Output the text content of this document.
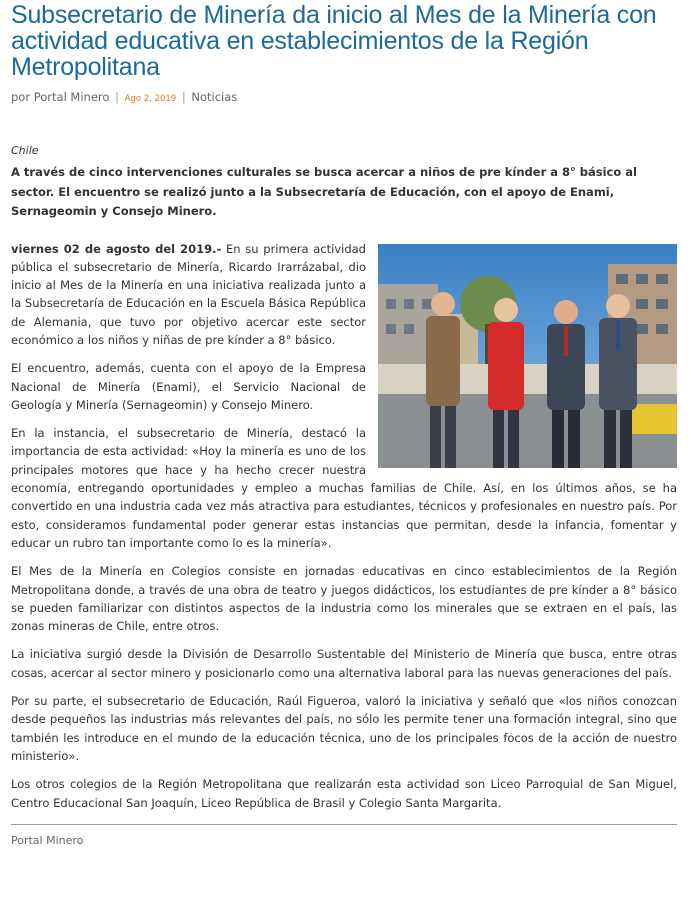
Subsecretario de Minería da inicio al Mes de la Minería con actividad educativa en establecimientos de la Región Metropolitana
por Portal Minero | Ago 2, 2019 | Noticias
Chile

A través de cinco intervenciones culturales se busca acercar a niños de pre kínder a 8° básico al sector. El encuentro se realizó junto a la Subsecretaría de Educación, con el apoyo de Enami, Sernageomin y Consejo Minero.

viernes 02 de agosto del 2019.- En su primera actividad pública el subsecretario de Minería, Ricardo Irarrázabal, dio inicio al Mes de la Minería en una iniciativa realizada junto a la Subsecretaría de Educación en la Escuela Básica República de Alemania, que tuvo por objetivo acercar este sector económico a los niños y niñas de pre kínder a 8° básico.

El encuentro, además, cuenta con el apoyo de la Empresa Nacional de Minería (Enami), el Servicio Nacional de Geología y Minería (Sernageomin) y Consejo Minero.

En la instancia, el subsecretario de Minería, destacó la importancia de esta actividad: «Hoy la minería es uno de los principales motores que hace y ha hecho crecer nuestra economía, entregando oportunidades y empleo a muchas familias de Chile. Así, en los últimos años, se ha convertido en una industria cada vez más atractiva para estudiantes, técnicos y profesionales en nuestro país. Por esto, consideramos fundamental poder generar estas instancias que permitan, desde la infancia, fomentar y educar un rubro tan importante como lo es la minería».

El Mes de la Minería en Colegios consiste en jornadas educativas en cinco establecimientos de la Región Metropolitana donde, a través de una obra de teatro y juegos didácticos, los estudiantes de pre kínder a 8° básico se pueden familiarizar con distintos aspectos de la industria como los minerales que se extraen en el país, las zonas mineras de Chile, entre otros.

La iniciativa surgió desde la División de Desarrollo Sustentable del Ministerio de Minería que busca, entre otras cosas, acercar al sector minero y posicionarlo como una alternativa laboral para las nuevas generaciones del país.

Por su parte, el subsecretario de Educación, Raúl Figueroa, valoró la iniciativa y señaló que «los niños conozcan desde pequeños las industrias más relevantes del país, no sólo les permite tener una formación integral, sino que también les introduce en el mundo de la educación técnica, uno de los principales focos de la acción de nuestro ministerio».

Los otros colegios de la Región Metropolitana que realizarán esta actividad son Liceo Parroquial de San Miguel, Centro Educacional San Joaquín, Liceo República de Brasil y Colegio Santa Margarita.

Portal Minero
